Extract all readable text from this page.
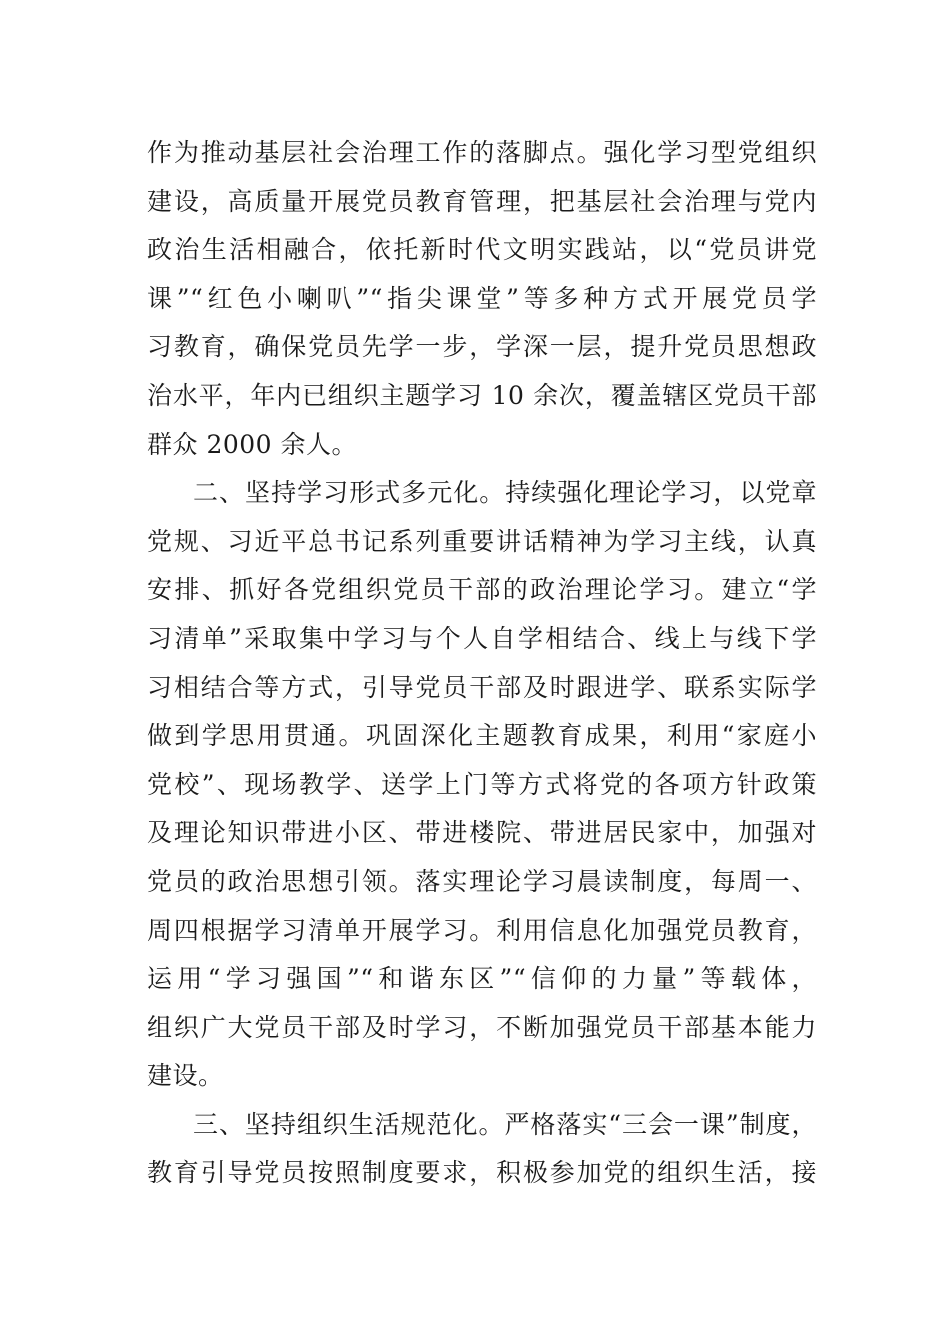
作为推动基层社会治理工作的落脚点。强化学习型党组织
建设，高质量开展党员教育管理，把基层社会治理与党内
政治生活相融合，依托新时代文明实践站，以“党员讲党
课”“红色小喇叭”“指尖课堂”等多种方式开展党员学
习教育，确保党员先学一步，学深一层，提升党员思想政
治水平，年内已组织主题学习 10 余次，覆盖辖区党员干部
群众 2000 余人。
二、坚持学习形式多元化。持续强化理论学习，以党章
党规、习近平总书记系列重要讲话精神为学习主线，认真
安排、抓好各党组织党员干部的政治理论学习。建立“学
习清单”采取集中学习与个人自学相结合、线上与线下学
习相结合等方式，引导党员干部及时跟进学、联系实际学
做到学思用贯通。巩固深化主题教育成果，利用“家庭小
党校”、现场教学、送学上门等方式将党的各项方针政策
及理论知识带进小区、带进楼院、带进居民家中，加强对
党员的政治思想引领。落实理论学习晨读制度，每周一、
周四根据学习清单开展学习。利用信息化加强党员教育，
运用“学习强国”“和谐东区”“信仰的力量”等载体，
组织广大党员干部及时学习，不断加强党员干部基本能力
建设。
三、坚持组织生活规范化。严格落实“三会一课”制度，
教育引导党员按照制度要求，积极参加党的组织生活，接
